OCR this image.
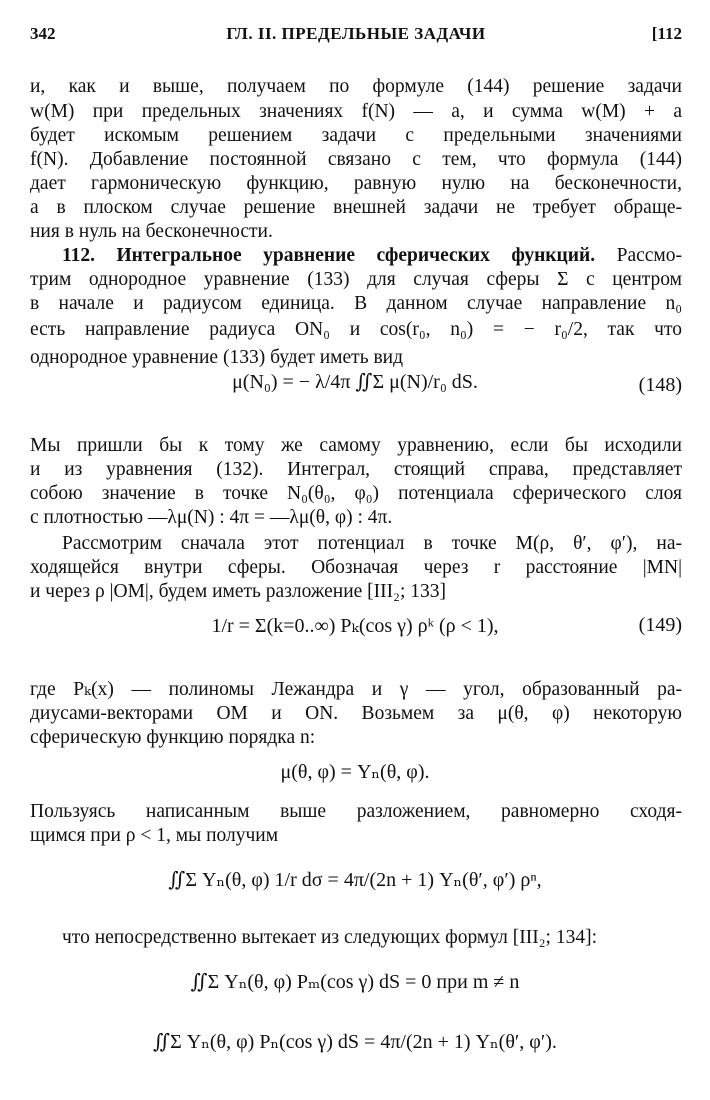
342	ГЛ. II. ПРЕДЕЛЬНЫЕ ЗАДАЧИ	[112
и, как и выше, получаем по формуле (144) решение задачи
w(M) при предельных значениях f(N) — a, и сумма w(M) + a
будет искомым решением задачи с предельными значениями
f(N). Добавление постоянной связано с тем, что формула (144)
дает гармоническую функцию, равную нулю на бесконечности,
а в плоском случае решение внешней задачи не требует обраще-
ния в нуль на бесконечности.
112. Интегральное уравнение сферических функций. Рассмо-
трим однородное уравнение (133) для случая сферы Σ с центром
в начале и радиусом единица. В данном случае направление n₀
есть направление радиуса ON₀ и cos(r₀, n₀) = − r₀/2, так что
однородное уравнение (133) будет иметь вид
μ(N₀) = − λ/4π ∬Σ μ(N)/r₀ dS.	(148)
Мы пришли бы к тому же самому уравнению, если бы исходили
и из уравнения (132). Интеграл, стоящий справа, представляет
собою значение в точке N₀(θ₀, φ₀) потенциала сферического слоя
с плотностью —λμ(N) : 4π = —λμ(θ, φ) : 4π.
Рассмотрим сначала этот потенциал в точке M(ρ, θ′, φ′), на-
ходящейся внутри сферы. Обозначая через r расстояние |MN|
и через ρ |OM|, будем иметь разложение [III₂; 133]
1/r = Σ(k=0..∞) Pₖ(cos γ) ρᵏ (ρ < 1),	(149)
где Pₖ(x) — полиномы Лежандра и γ — угол, образованный ра-
диусами-векторами OM и ON. Возьмем за μ(θ, φ) некоторую
сферическую функцию порядка n:
μ(θ, φ) = Yₙ(θ, φ).
Пользуясь написанным выше разложением, равномерно сходя-
щимся при ρ < 1, мы получим
∬Σ Yₙ(θ, φ) 1/r dσ = 4π/(2n + 1) Yₙ(θ′, φ′) ρⁿ,
что непосредственно вытекает из следующих формул [III₂; 134]:
∬Σ Yₙ(θ, φ) Pₘ(cos γ) dS = 0 при m ≠ n
∬Σ Yₙ(θ, φ) Pₙ(cos γ) dS = 4π/(2n + 1) Yₙ(θ′, φ′).
